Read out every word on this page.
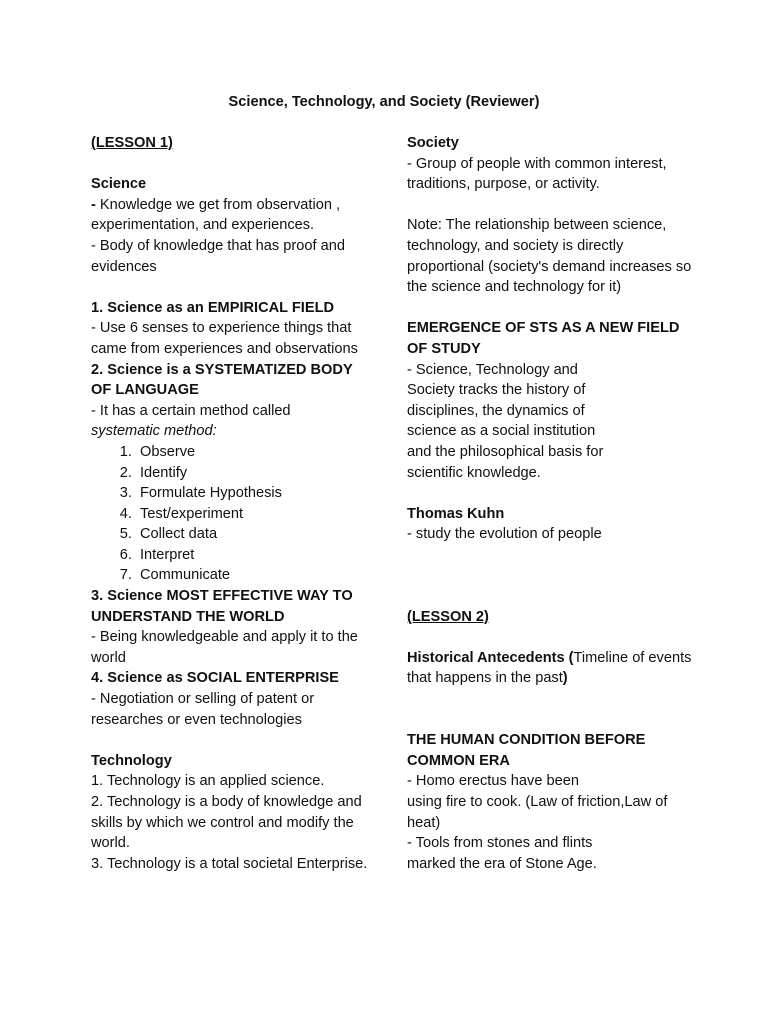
Science, Technology, and Society (Reviewer)

(LESSON 1)

Science

- Knowledge we get from observation , experimentation, and experiences.

- Body of knowledge that has proof and evidences

1. Science as an EMPIRICAL FIELD

- Use 6 senses to experience things that came from experiences and observations

2. Science is a SYSTEMATIZED BODY OF LANGUAGE

- It has a certain method called

systematic method:

1. Observe
2. Identify
3. Formulate Hypothesis
4. Test/experiment
5. Collect data
6. Interpret
7. Communicate

3. Science MOST EFFECTIVE WAY TO UNDERSTAND THE WORLD

- Being knowledgeable and apply it to the world

4. Science as SOCIAL ENTERPRISE

- Negotiation or selling of patent or researches or even technologies

Technology

1. Technology is an applied science.

2. Technology is a body of knowledge and skills by which we control and modify the world.

3. Technology is a total societal Enterprise.

Society

- Group of people with common interest, traditions, purpose, or activity.

Note: The relationship between science, technology, and society is directly proportional (society's demand increases so the science and technology for it)

EMERGENCE OF STS AS A NEW FIELD OF STUDY

- Science, Technology and

Society tracks the history of

disciplines, the dynamics of

science as a social institution

and the philosophical basis for

scientific knowledge.

Thomas Kuhn

- study the evolution of people

(LESSON 2)

Historical Antecedents (Timeline of events that happens in the past)

THE HUMAN CONDITION BEFORE COMMON ERA

- Homo erectus have been

using fire to cook. (Law of friction,Law of heat)

- Tools from stones and flints

marked the era of Stone Age.
